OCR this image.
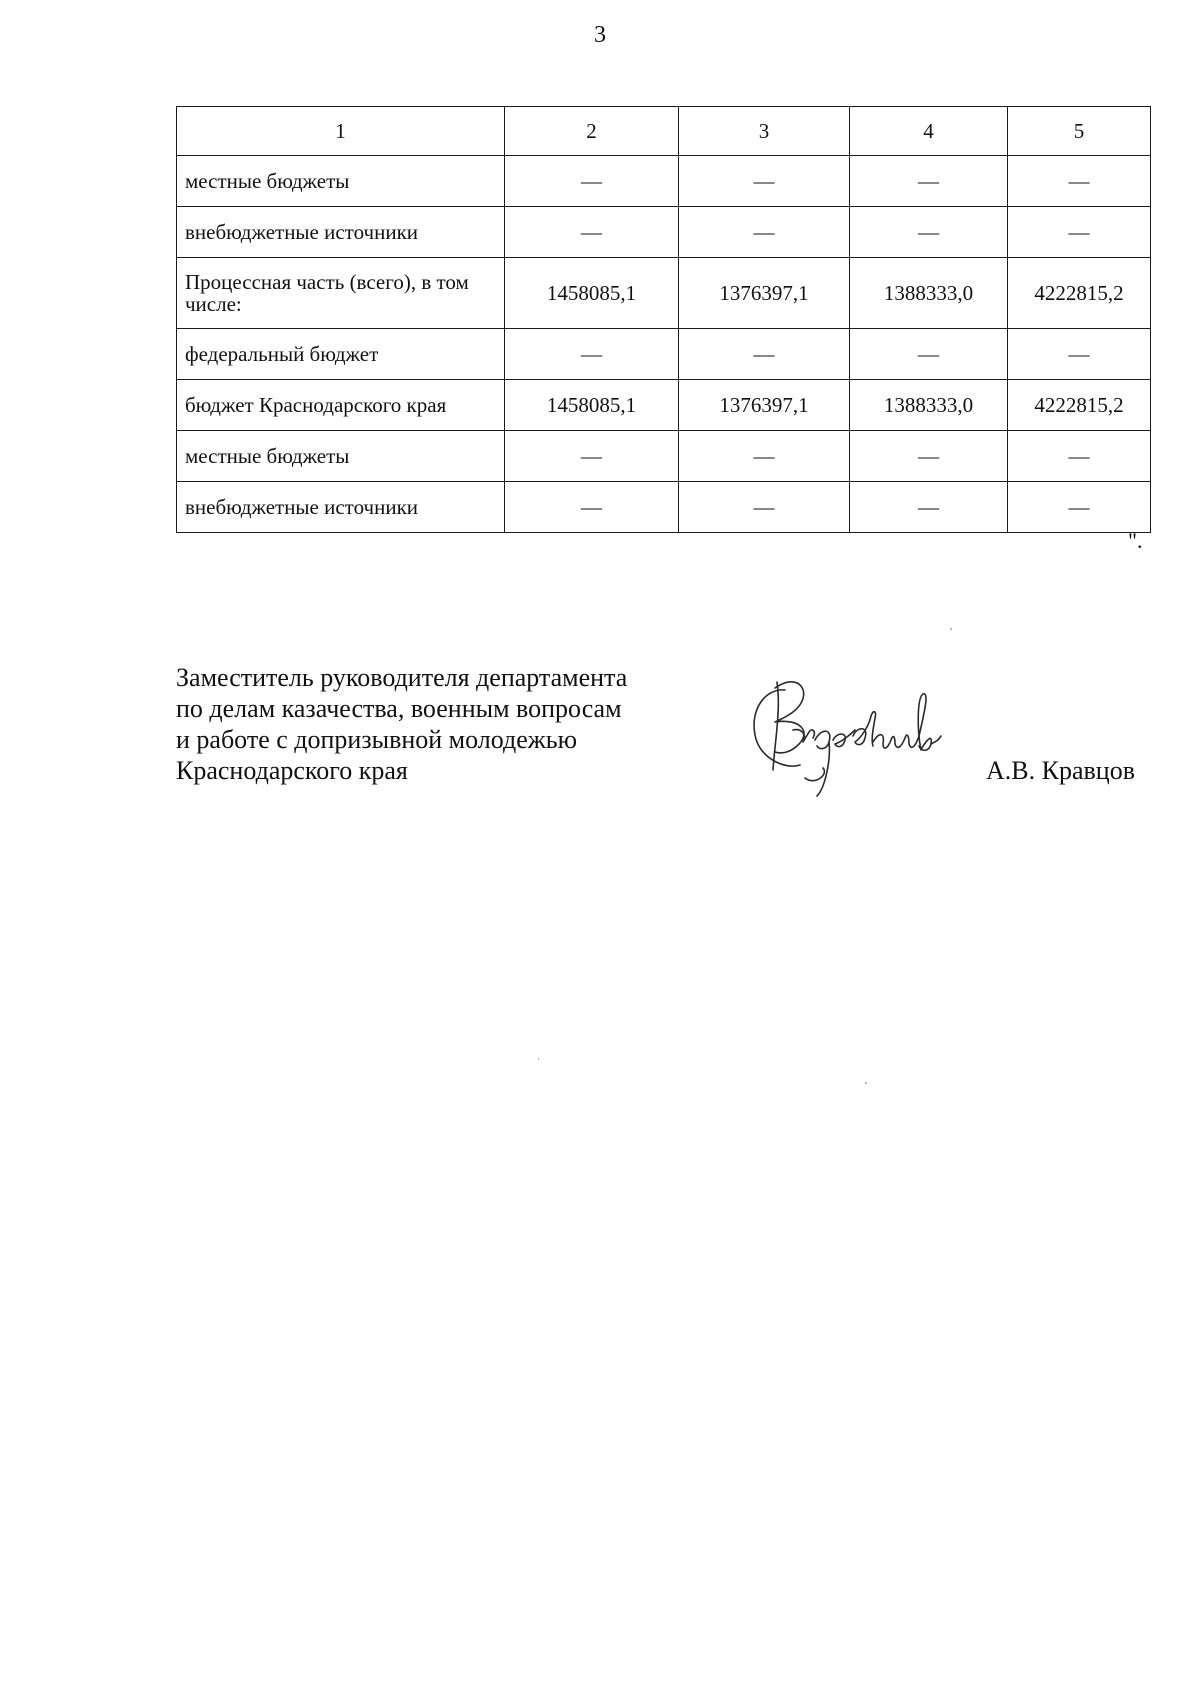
3
1	2	3	4	5
местные бюджеты	—	—	—	—
внебюджетные источники	—	—	—	—
Процессная часть (всего), в том числе:	1458085,1	1376397,1	1388333,0	4222815,2
федеральный бюджет	—	—	—	—
бюджет Краснодарского края	1458085,1	1376397,1	1388333,0	4222815,2
местные бюджеты	—	—	—	—
внебюджетные источники	—	—	—	—
".
Заместитель руководителя департамента
по делам казачества, военным вопросам
и работе с допризывной молодежью
Краснодарского края	А.В. Кравцов
